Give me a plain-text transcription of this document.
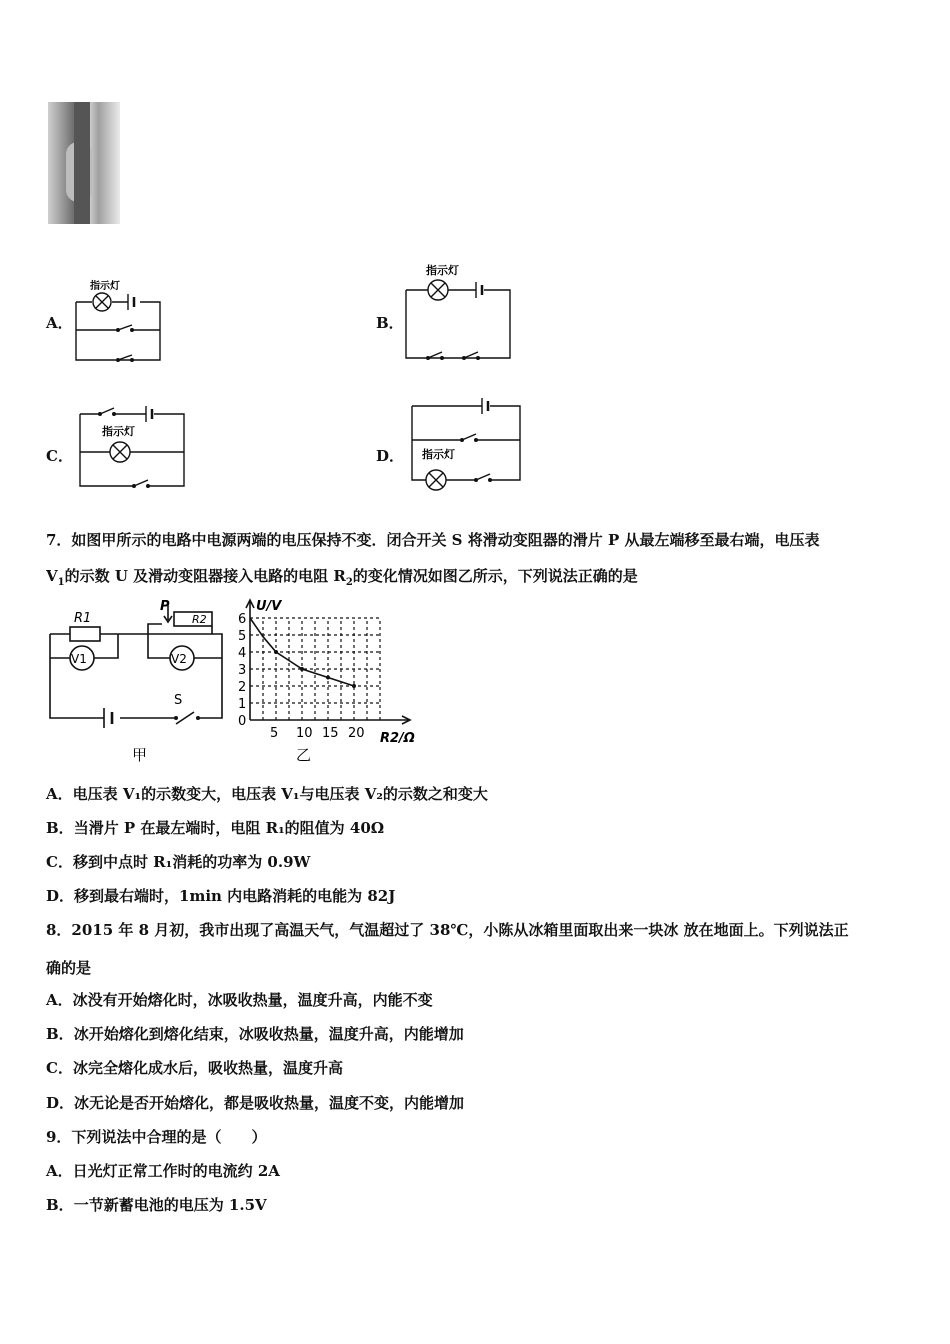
A．	B．
C．	D．
指示灯
指示灯
指示灯
指示灯
7．如图甲所示的电路中电源两端的电压保持不变．闭合开关 S 将滑动变阻器的滑片 P 从最左端移至最右端，电压表
$V_1$的示数 U 及滑动变阻器接入电路的电阻 $R_2$的变化情况如图乙所示，下列说法正确的是
R1	R2
P
V1	V2
S
甲
U/V
R2/Ω
乙
0
1
2
3
4
5
6
5 10 15 20
A．电压表 V₁的示数变大，电压表 V₁与电压表 V₂的示数之和变大
B．当滑片 P 在最左端时，电阻 R₁的阻值为 40Ω
C．移到中点时 R₁消耗的功率为 0.9W
D．移到最右端时，1min 内电路消耗的电能为 82J
8．2015 年 8 月初，我市出现了高温天气，气温超过了 38℃，小陈从冰箱里面取出来一块冰 放在地面上。下列说法正
确的是
A．冰没有开始熔化时，冰吸收热量，温度升高，内能不变
B．冰开始熔化到熔化结束，冰吸收热量，温度升高，内能增加
C．冰完全熔化成水后，吸收热量，温度升高
D．冰无论是否开始熔化，都是吸收热量，温度不变，内能增加
9．下列说法中合理的是（　　）
A．日光灯正常工作时的电流约 2A
B．一节新蓄电池的电压为 1.5V
